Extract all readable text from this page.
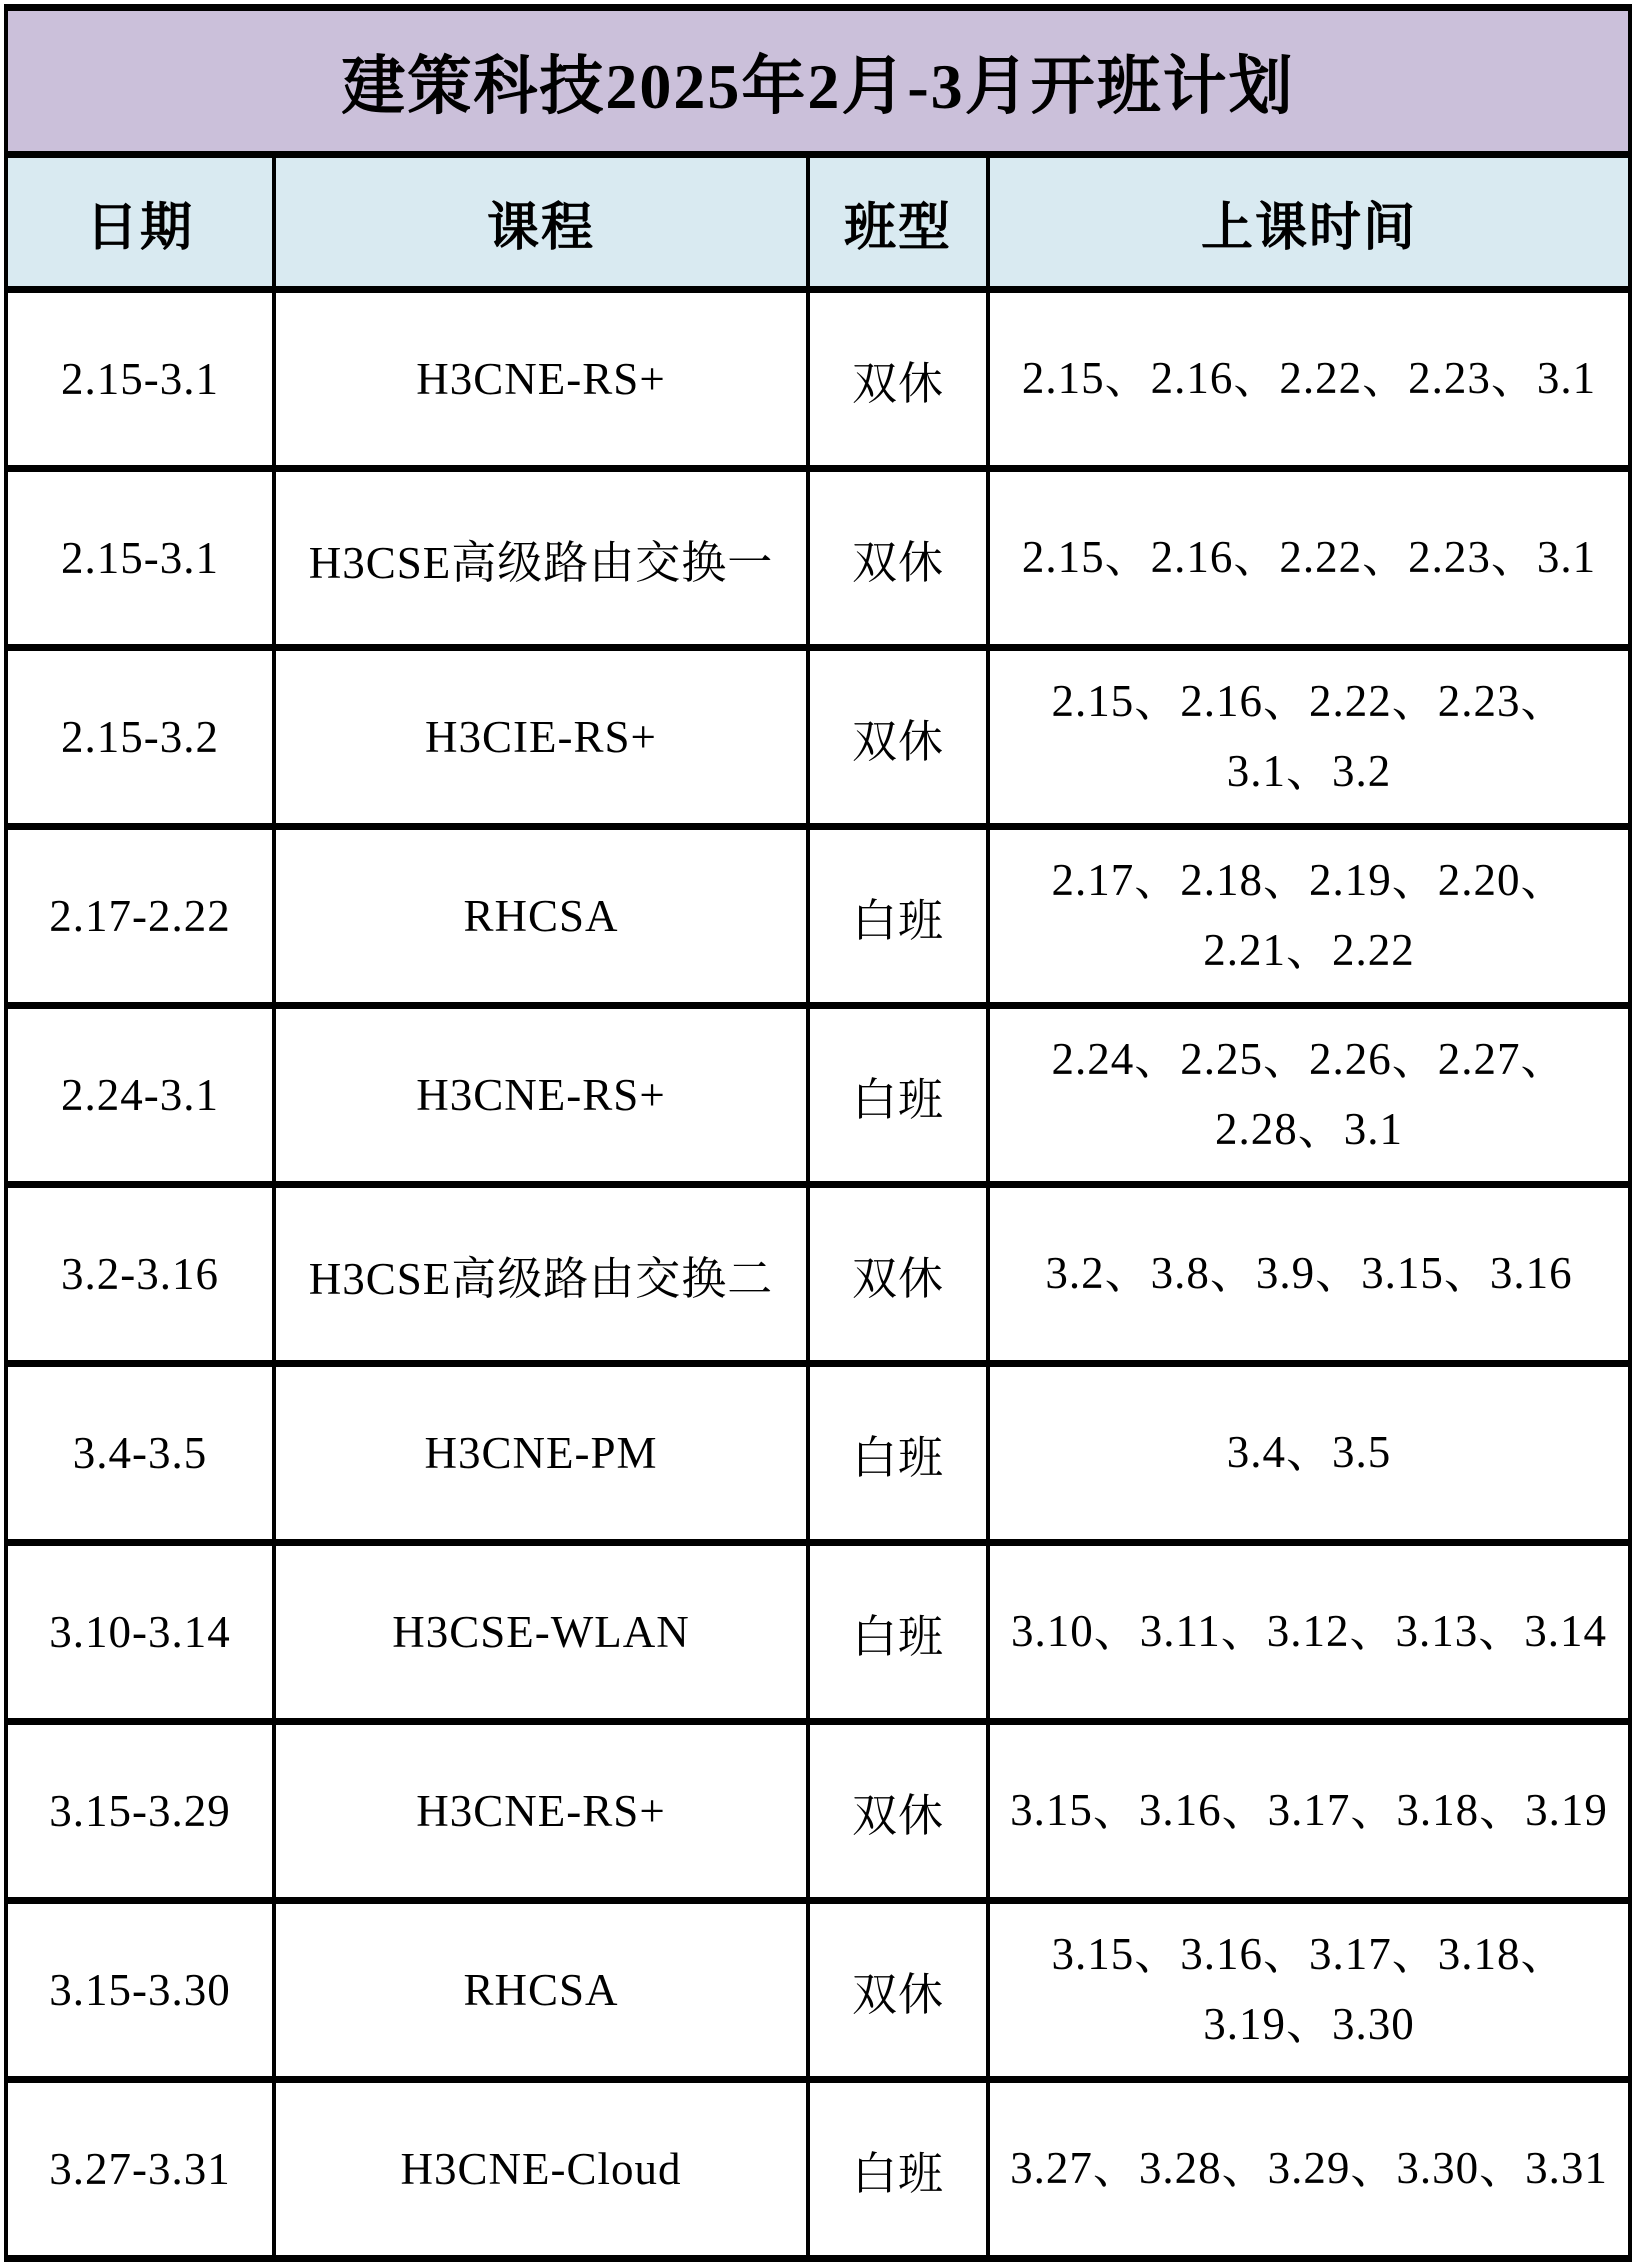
建策科技2025年2月-3月开班计划			
日期	课程	班型	上课时间
2.15-3.1	H3CNE-RS+	双休	2.15、2.16、2.22、2.23、3.1
2.15-3.1	H3CSE高级路由交换一	双休	2.15、2.16、2.22、2.23、3.1
2.15-3.2	H3CIE-RS+	双休	2.15、2.16、2.22、2.23、3.1、3.2
2.17-2.22	RHCSA	白班	2.17、2.18、2.19、2.20、2.21、2.22
2.24-3.1	H3CNE-RS+	白班	2.24、2.25、2.26、2.27、2.28、3.1
3.2-3.16	H3CSE高级路由交换二	双休	3.2、3.8、3.9、3.15、3.16
3.4-3.5	H3CNE-PM	白班	3.4、3.5
3.10-3.14	H3CSE-WLAN	白班	3.10、3.11、3.12、3.13、3.14
3.15-3.29	H3CNE-RS+	双休	3.15、3.16、3.17、3.18、3.19
3.15-3.30	RHCSA	双休	3.15、3.16、3.17、3.18、3.19、3.30
3.27-3.31	H3CNE-Cloud	白班	3.27、3.28、3.29、3.30、3.31
